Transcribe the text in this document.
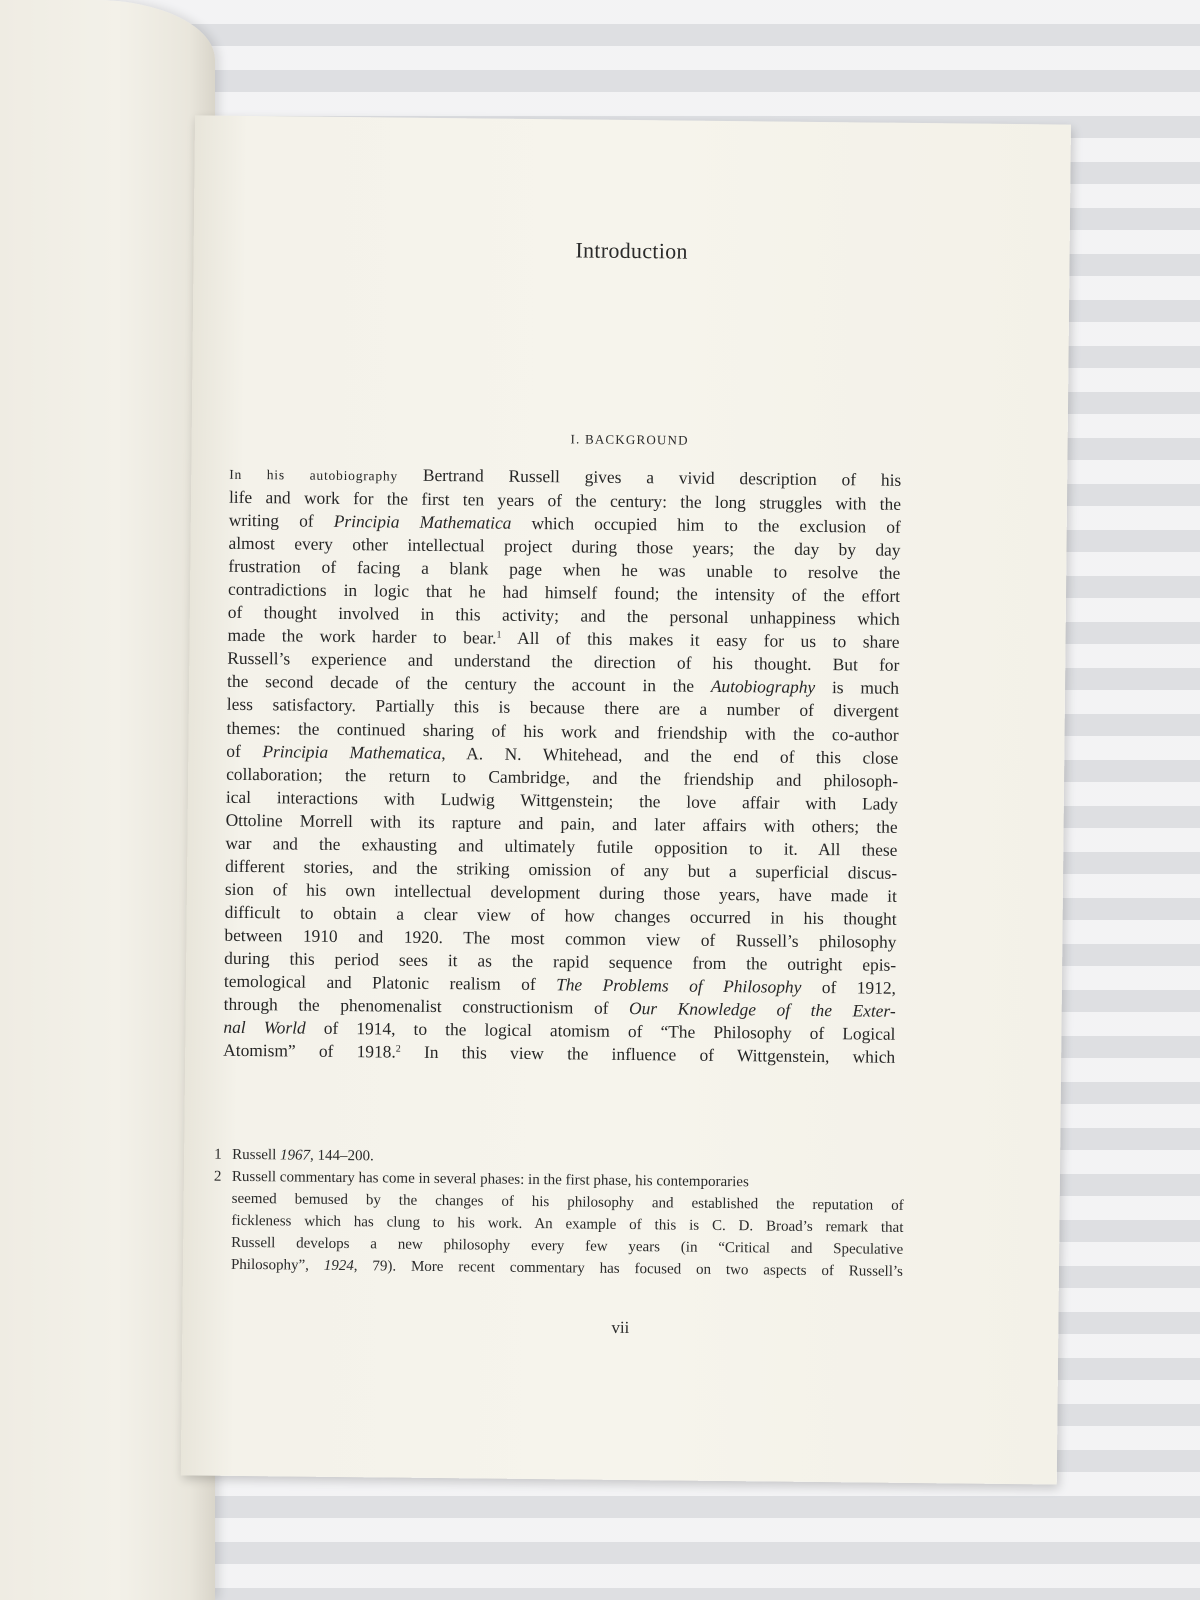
Introduction
I. BACKGROUND
In his autobiography Bertrand Russell gives a vivid description of his
life and work for the first ten years of the century: the long struggles with the
writing of Principia Mathematica which occupied him to the exclusion of
almost every other intellectual project during those years; the day by day
frustration of facing a blank page when he was unable to resolve the
contradictions in logic that he had himself found; the intensity of the effort
of thought involved in this activity; and the personal unhappiness which
made the work harder to bear.$^1$ All of this makes it easy for us to share
Russell’s experience and understand the direction of his thought. But for
the second decade of the century the account in the Autobiography is much
less satisfactory. Partially this is because there are a number of divergent
themes: the continued sharing of his work and friendship with the co-author
of Principia Mathematica, A. N. Whitehead, and the end of this close
collaboration; the return to Cambridge, and the friendship and philosoph-
ical interactions with Ludwig Wittgenstein; the love affair with Lady
Ottoline Morrell with its rapture and pain, and later affairs with others; the
war and the exhausting and ultimately futile opposition to it. All these
different stories, and the striking omission of any but a superficial discus-
sion of his own intellectual development during those years, have made it
difficult to obtain a clear view of how changes occurred in his thought
between 1910 and 1920. The most common view of Russell’s philosophy
during this period sees it as the rapid sequence from the outright epis-
temological and Platonic realism of The Problems of Philosophy of 1912,
through the phenomenalist constructionism of Our Knowledge of the Exter-
nal World of 1914, to the logical atomism of “The Philosophy of Logical
Atomism” of 1918.$^2$ In this view the influence of Wittgenstein, which
1 Russell 1967, 144–200.
2 Russell commentary has come in several phases: in the first phase, his contemporaries
seemed bemused by the changes of his philosophy and established the reputation of
fickleness which has clung to his work. An example of this is C. D. Broad’s remark that
Russell develops a new philosophy every few years (in “Critical and Speculative
Philosophy”, 1924, 79). More recent commentary has focused on two aspects of Russell’s
vii
